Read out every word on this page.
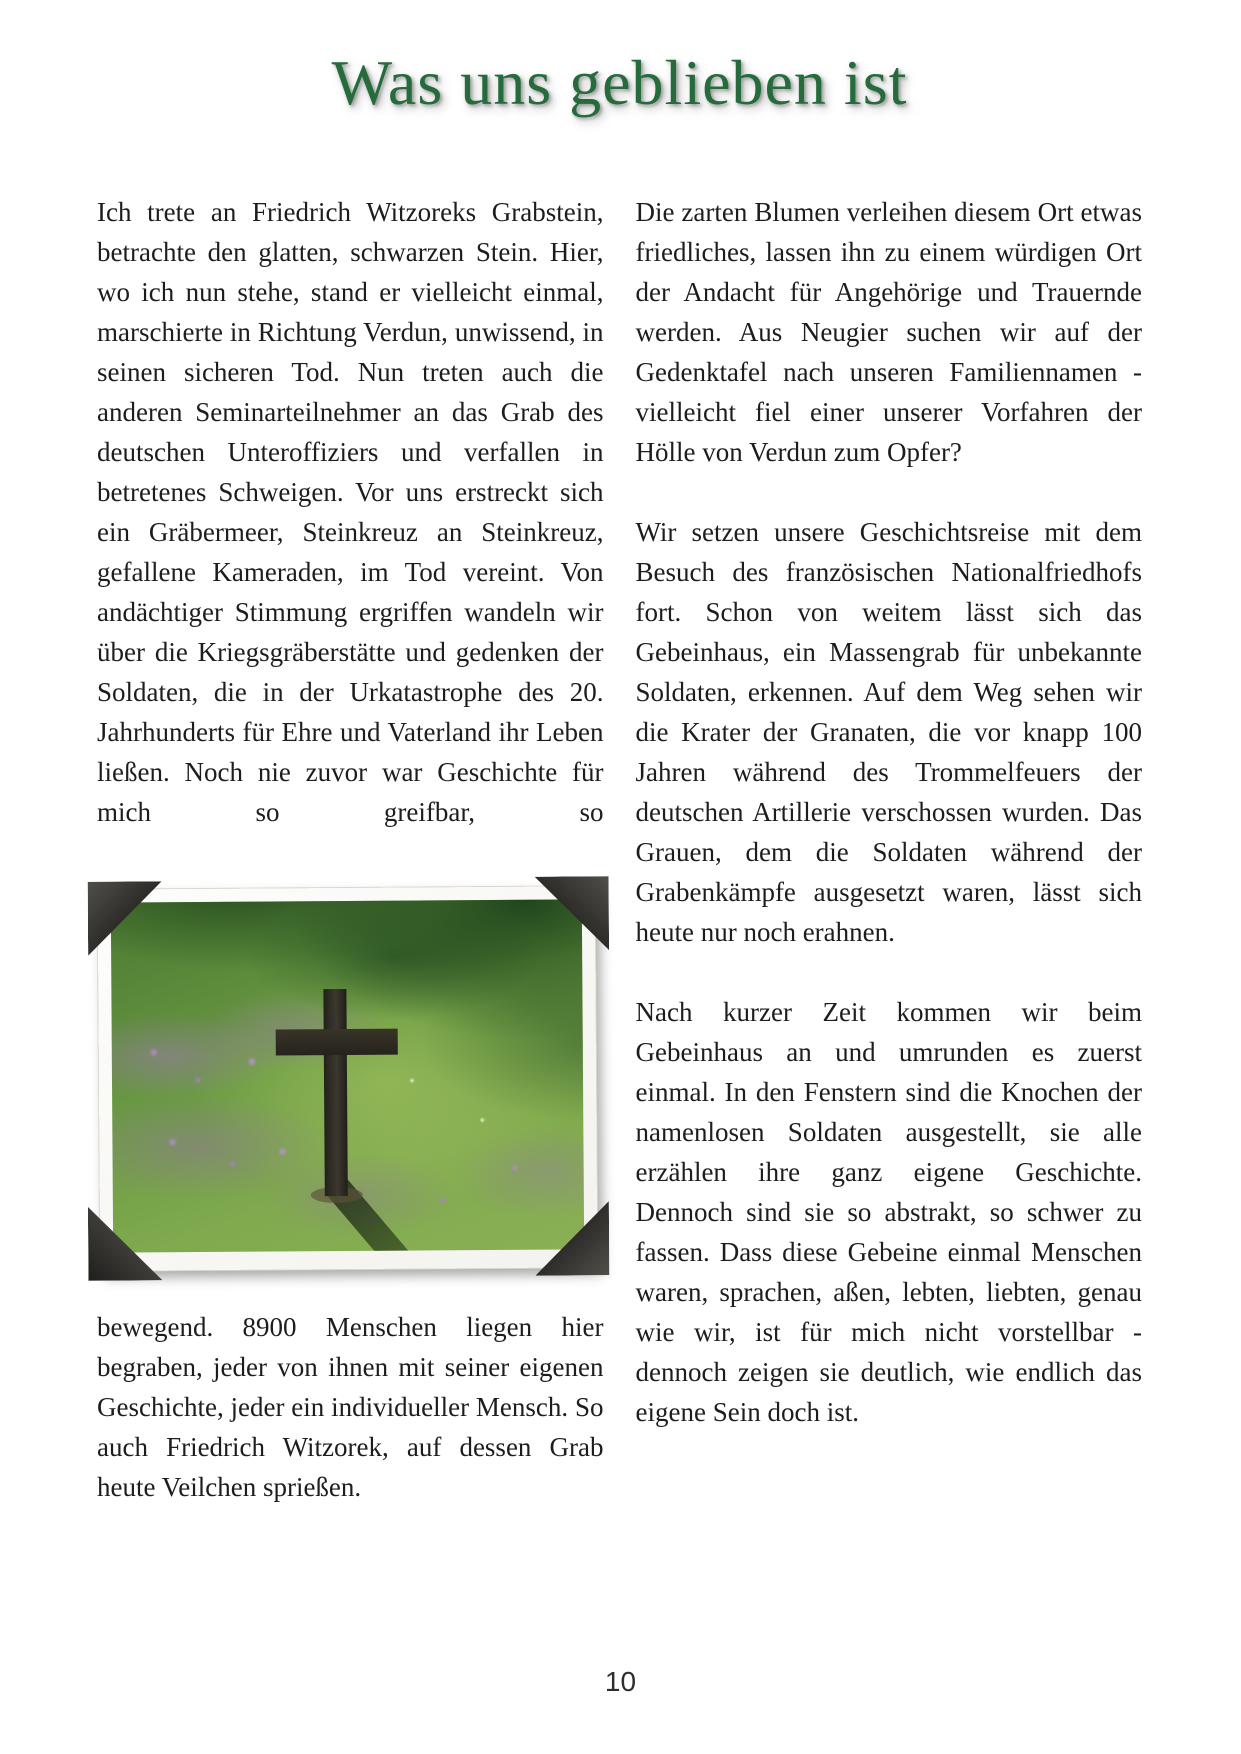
Was uns geblieben ist

Ich trete an Friedrich Witzoreks Grabstein, betrachte den glatten, schwarzen Stein. Hier, wo ich nun stehe, stand er vielleicht einmal, marschierte in Richtung Verdun, unwissend, in seinen sicheren Tod. Nun treten auch die anderen Seminarteilnehmer an das Grab des deutschen Unteroffiziers und verfallen in betretenes Schweigen. Vor uns erstreckt sich ein Gräbermeer, Steinkreuz an Steinkreuz, gefallene Kameraden, im Tod vereint. Von andächtiger Stimmung ergriffen wandeln wir über die Kriegsgräberstätte und gedenken der Soldaten, die in der Urkatastrophe des 20. Jahrhunderts für Ehre und Vaterland ihr Leben ließen. Noch nie zuvor war Geschichte für mich so greifbar, so

bewegend. 8900 Menschen liegen hier begraben, jeder von ihnen mit seiner eigenen Geschichte, jeder ein individueller Mensch. So auch Friedrich Witzorek, auf dessen Grab heute Veilchen sprießen.

Die zarten Blumen verleihen diesem Ort etwas friedliches, lassen ihn zu einem würdigen Ort der Andacht für Angehörige und Trauernde werden. Aus Neugier suchen wir auf der Gedenktafel nach unseren Familiennamen - vielleicht fiel einer unserer Vorfahren der Hölle von Verdun zum Opfer?

Wir setzen unsere Geschichtsreise mit dem Besuch des französischen Nationalfriedhofs fort. Schon von weitem lässt sich das Gebeinhaus, ein Massengrab für unbekannte Soldaten, erkennen. Auf dem Weg sehen wir die Krater der Granaten, die vor knapp 100 Jahren während des Trommelfeuers der deutschen Artillerie verschossen wurden. Das Grauen, dem die Soldaten während der Grabenkämpfe ausgesetzt waren, lässt sich heute nur noch erahnen.

Nach kurzer Zeit kommen wir beim Gebeinhaus an und umrunden es zuerst einmal. In den Fenstern sind die Knochen der namenlosen Soldaten ausgestellt, sie alle erzählen ihre ganz eigene Geschichte. Dennoch sind sie so abstrakt, so schwer zu fassen. Dass diese Gebeine einmal Menschen waren, sprachen, aßen, lebten, liebten, genau wie wir, ist für mich nicht vorstellbar - dennoch zeigen sie deutlich, wie endlich das eigene Sein doch ist.

10
